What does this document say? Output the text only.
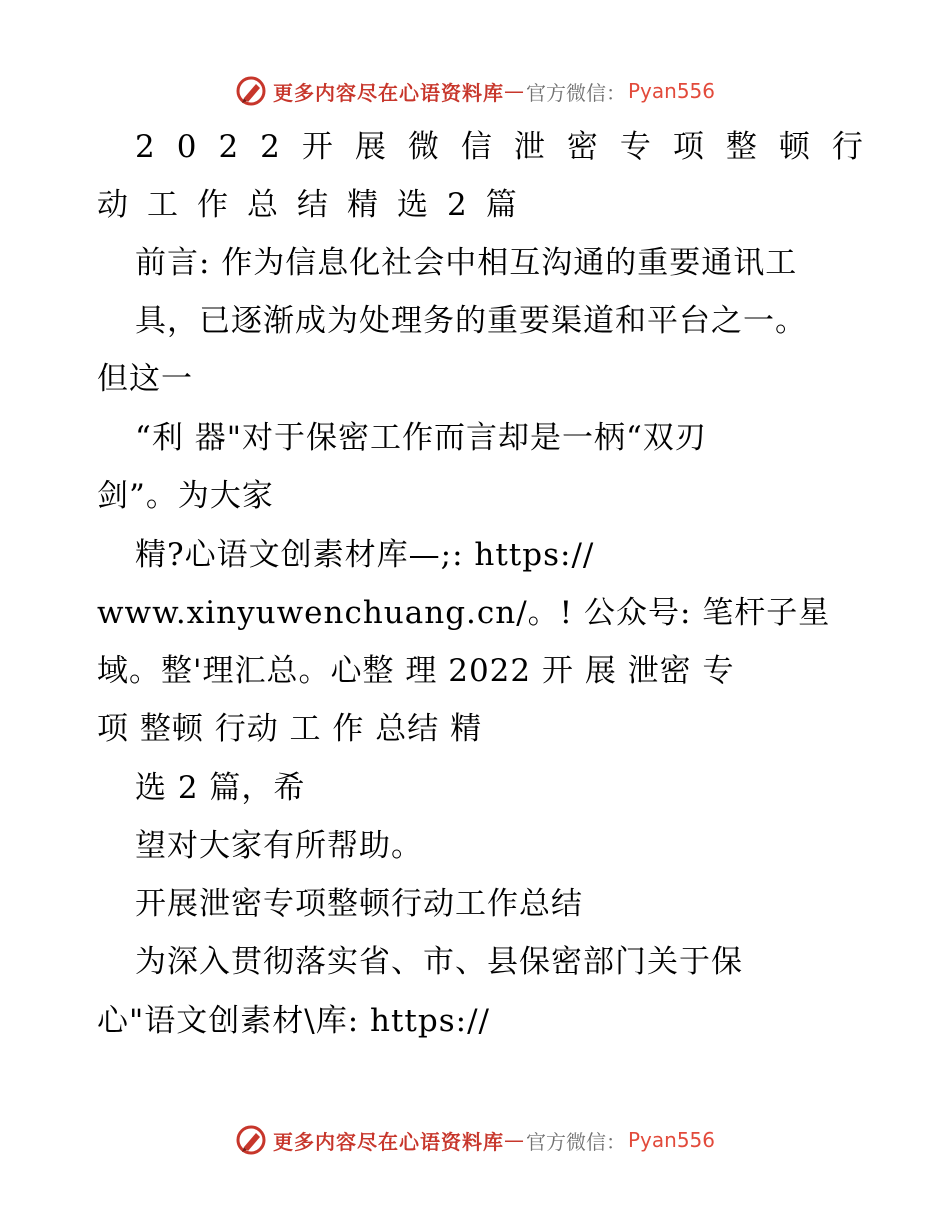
更多内容尽在心语资料库 — 官方微信： Pyan556
2022开展微信泄密专项整顿行
动工作总结精选2篇
前言: 作为信息化社会中相互沟通的重要通讯工
具，已逐渐成为处理务的重要渠道和平台之一。
但这一
“利 器"对于保密工作而言却是一柄“双刃
剑”。为大家
精?心语文创素材库—;: https://
www.xinyuwenchuang.cn/。! 公众号: 笔杆子星
域。整'理汇总。心整 理 2022 开 展 泄密 专
项 整顿 行动 工 作 总结 精
选 2 篇，希
望对大家有所帮助。
开展泄密专项整顿行动工作总结
为深入贯彻落实省、市、县保密部门关于保
心"语文创素材\库: https://
更多内容尽在心语资料库 — 官方微信： Pyan556
